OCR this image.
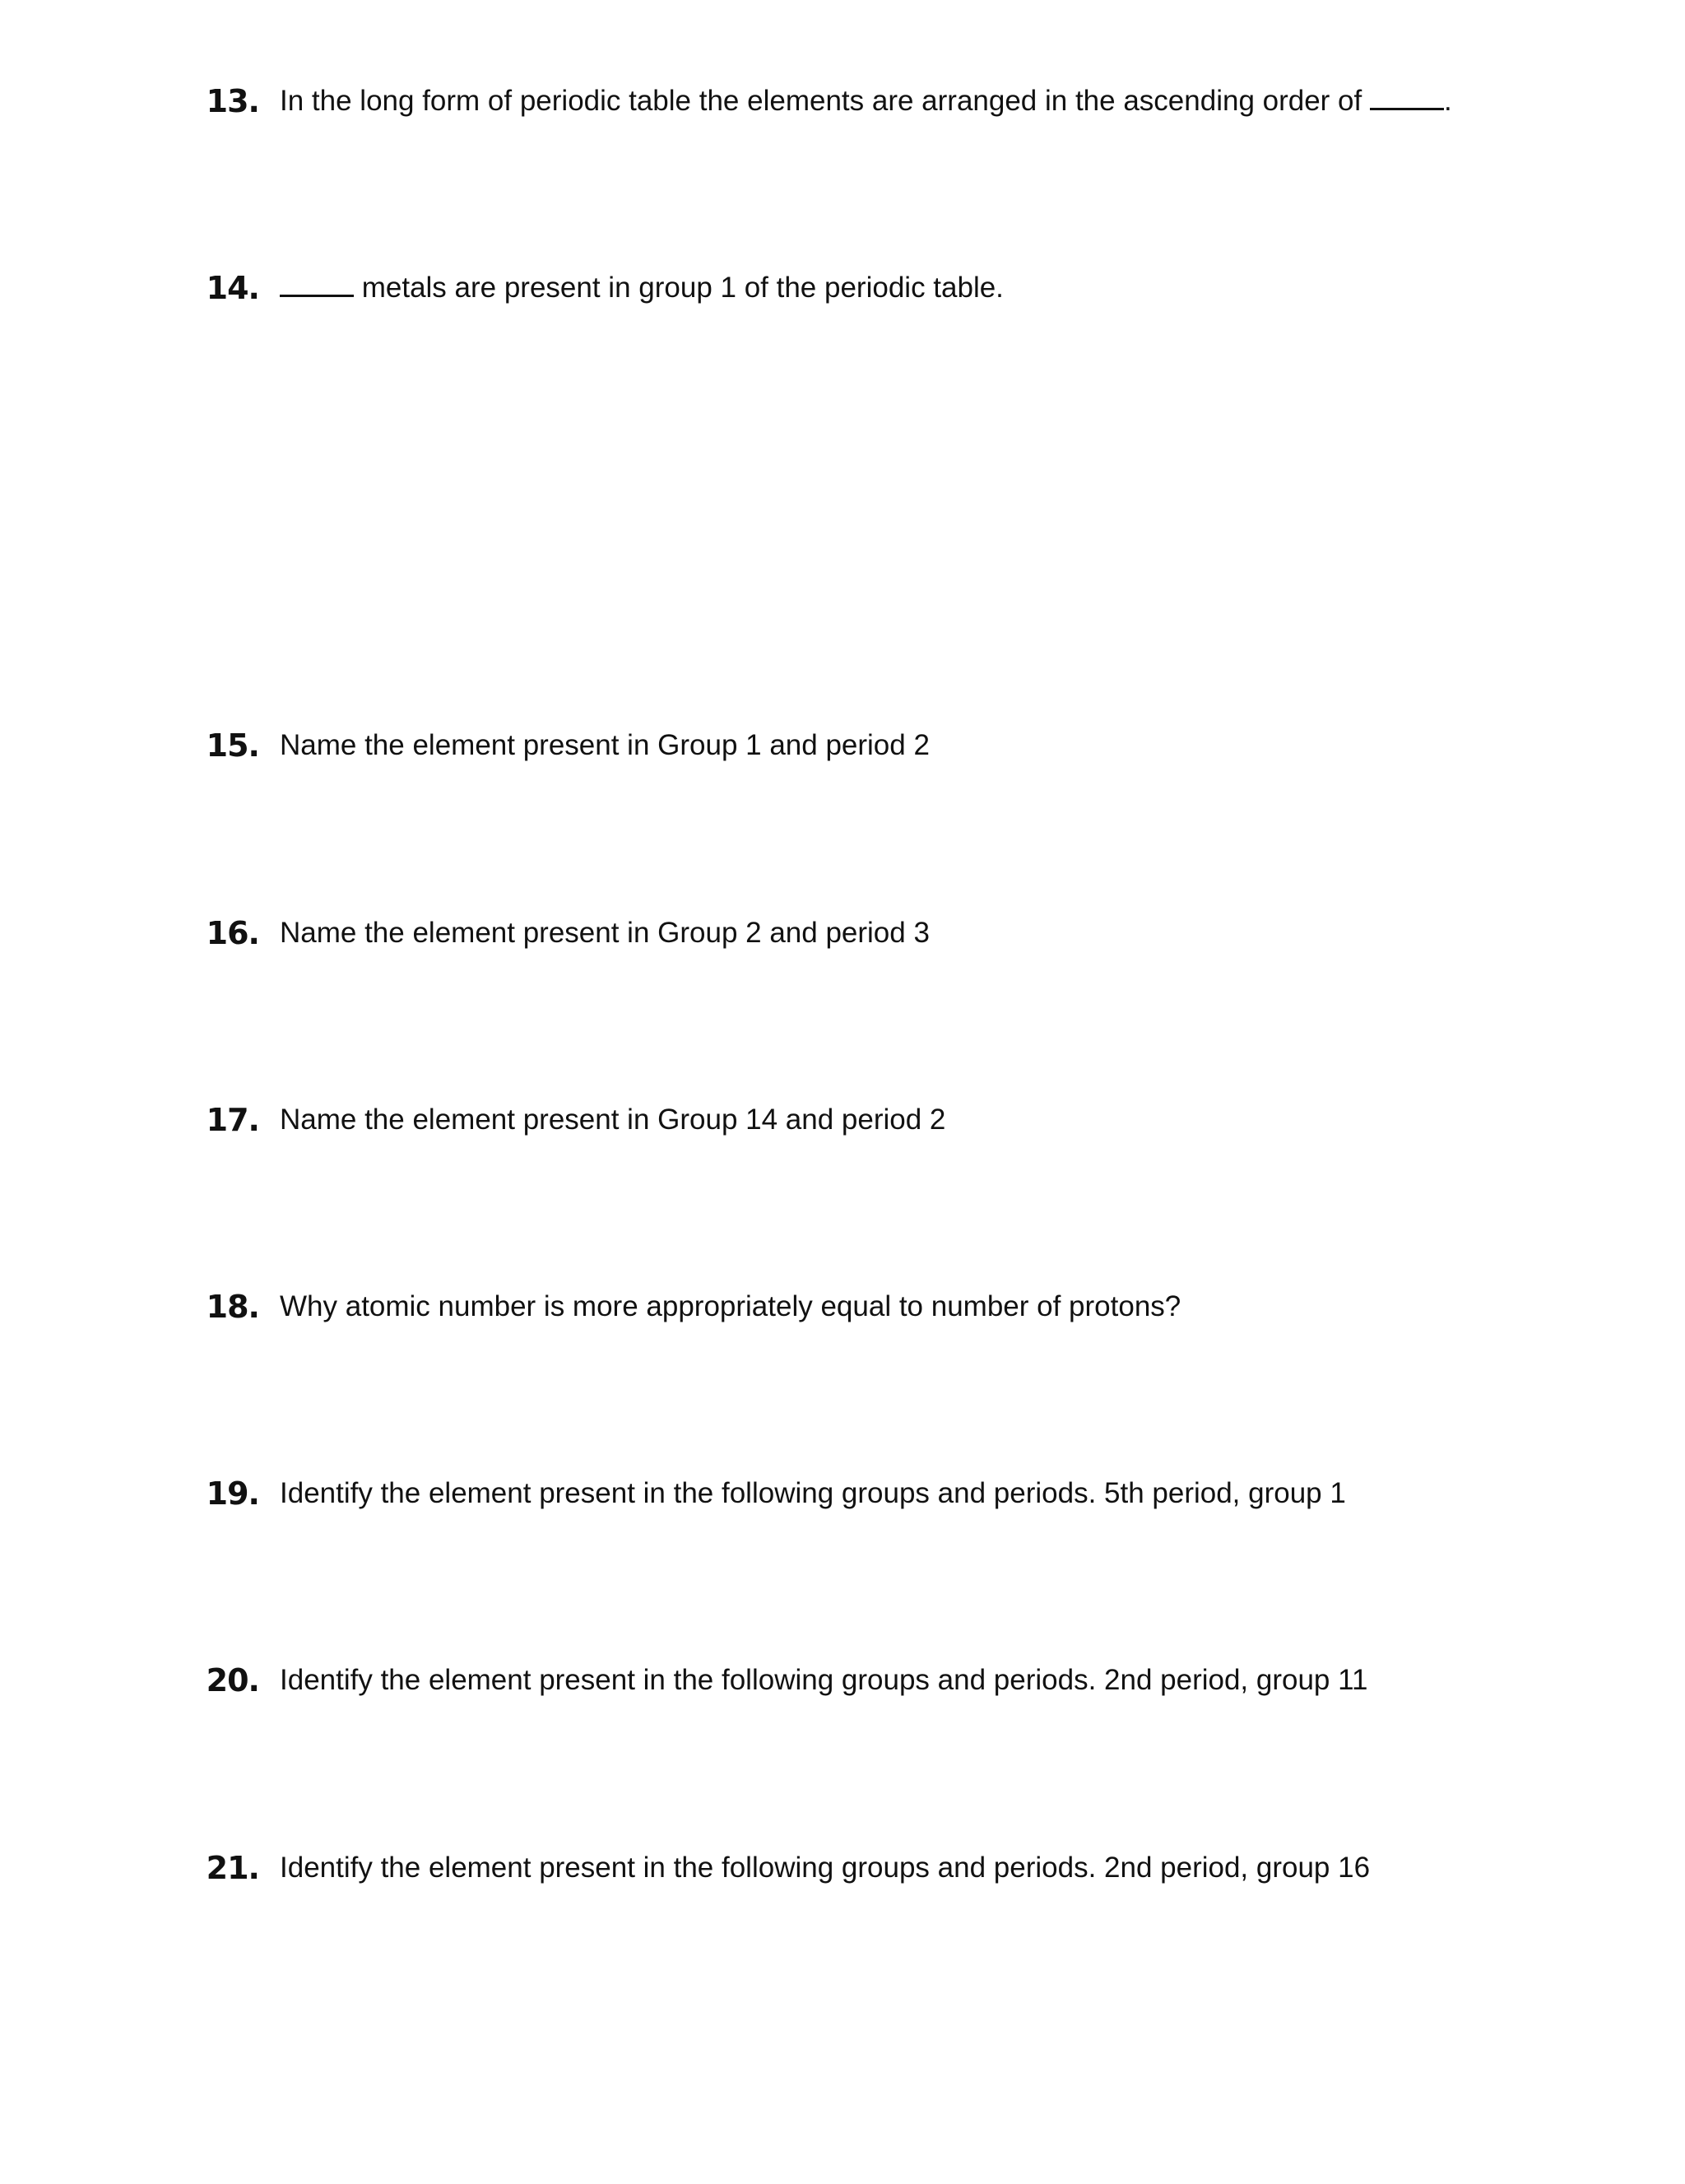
13. In the long form of periodic table the elements are arranged in the ascending order of	.
14.	metals are present in group 1 of the periodic table.
15. Name the element present in Group 1 and period 2
16. Name the element present in Group 2 and period 3
17. Name the element present in Group 14 and period 2
18. Why atomic number is more appropriately equal to number of protons?
19. Identify the element present in the following groups and periods. 5th period, group 1
20. Identify the element present in the following groups and periods. 2nd period, group 11
21. Identify the element present in the following groups and periods. 2nd period, group 16
